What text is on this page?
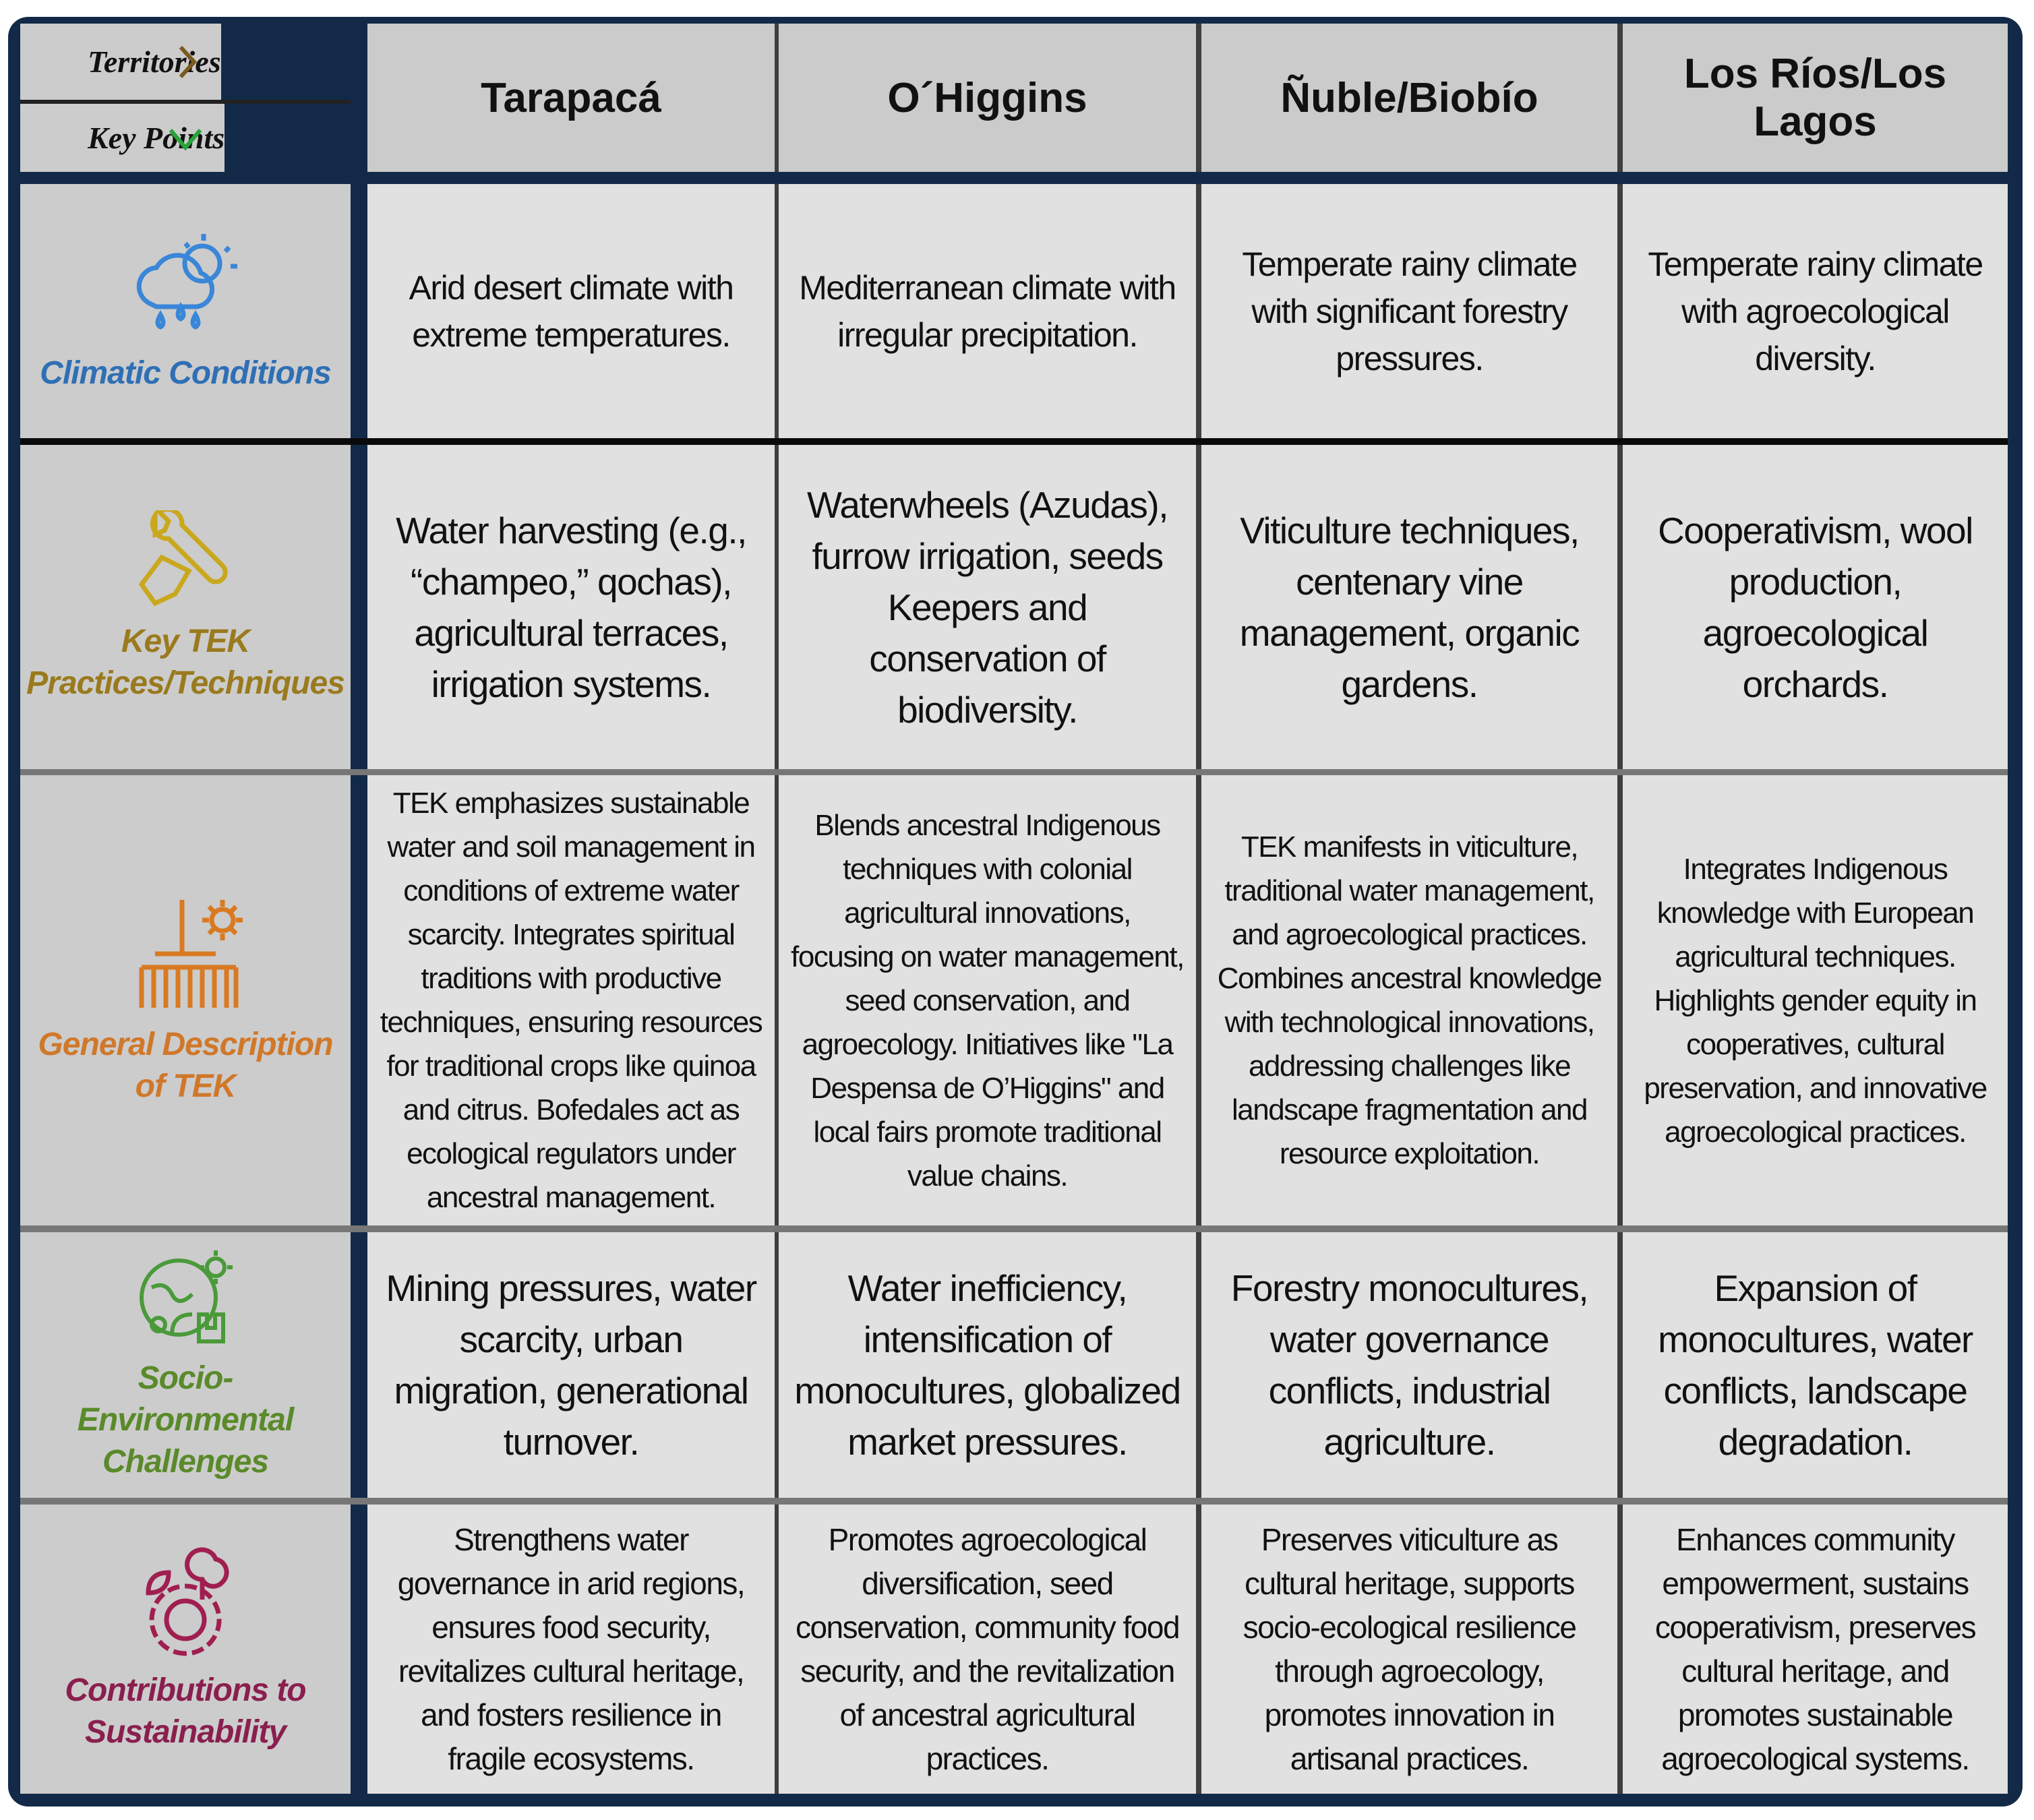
Territories
Key Points
Tarapacá	O´Higgins	Ñuble/Biobío
Los Ríos/Los Lagos
Climatic Conditions
Arid desert climate with extreme temperatures.
Mediterranean climate with irregular precipitation.
Temperate rainy climate with significant forestry pressures.
Temperate rainy climate with agroecological diversity.
Key TEK Practices/Techniques
Water harvesting (e.g., “champeo,” qochas), agricultural terraces, irrigation systems.
Waterwheels (Azudas), furrow irrigation, seeds Keepers and conservation of biodiversity.
Viticulture techniques, centenary vine management, organic gardens.
Cooperativism, wool production, agroecological orchards.
General Description of TEK
TEK emphasizes sustainable water and soil management in conditions of extreme water scarcity. Integrates spiritual traditions with productive techniques, ensuring resources for traditional crops like quinoa and citrus. Bofedales act as ecological regulators under ancestral management.
Blends ancestral Indigenous techniques with colonial agricultural innovations, focusing on water management, seed conservation, and agroecology. Initiatives like "La Despensa de O’Higgins" and local fairs promote traditional value chains.
TEK manifests in viticulture, traditional water management, and agroecological practices. Combines ancestral knowledge with technological innovations, addressing challenges like landscape fragmentation and resource exploitation.
Integrates Indigenous knowledge with European agricultural techniques. Highlights gender equity in cooperatives, cultural preservation, and innovative agroecological practices.
Socio-Environmental Challenges
Mining pressures, water scarcity, urban migration, generational turnover.
Water inefficiency, intensification of monocultures, globalized market pressures.
Forestry monocultures, water governance conflicts, industrial agriculture.
Expansion of monocultures, water conflicts, landscape degradation.
Contributions to Sustainability
Strengthens water governance in arid regions, ensures food security, revitalizes cultural heritage, and fosters resilience in fragile ecosystems.
Promotes agroecological diversification, seed conservation, community food security, and the revitalization of ancestral agricultural practices.
Preserves viticulture as cultural heritage, supports socio-ecological resilience through agroecology, promotes innovation in artisanal practices.
Enhances community empowerment, sustains cooperativism, preserves cultural heritage, and promotes sustainable agroecological systems.
